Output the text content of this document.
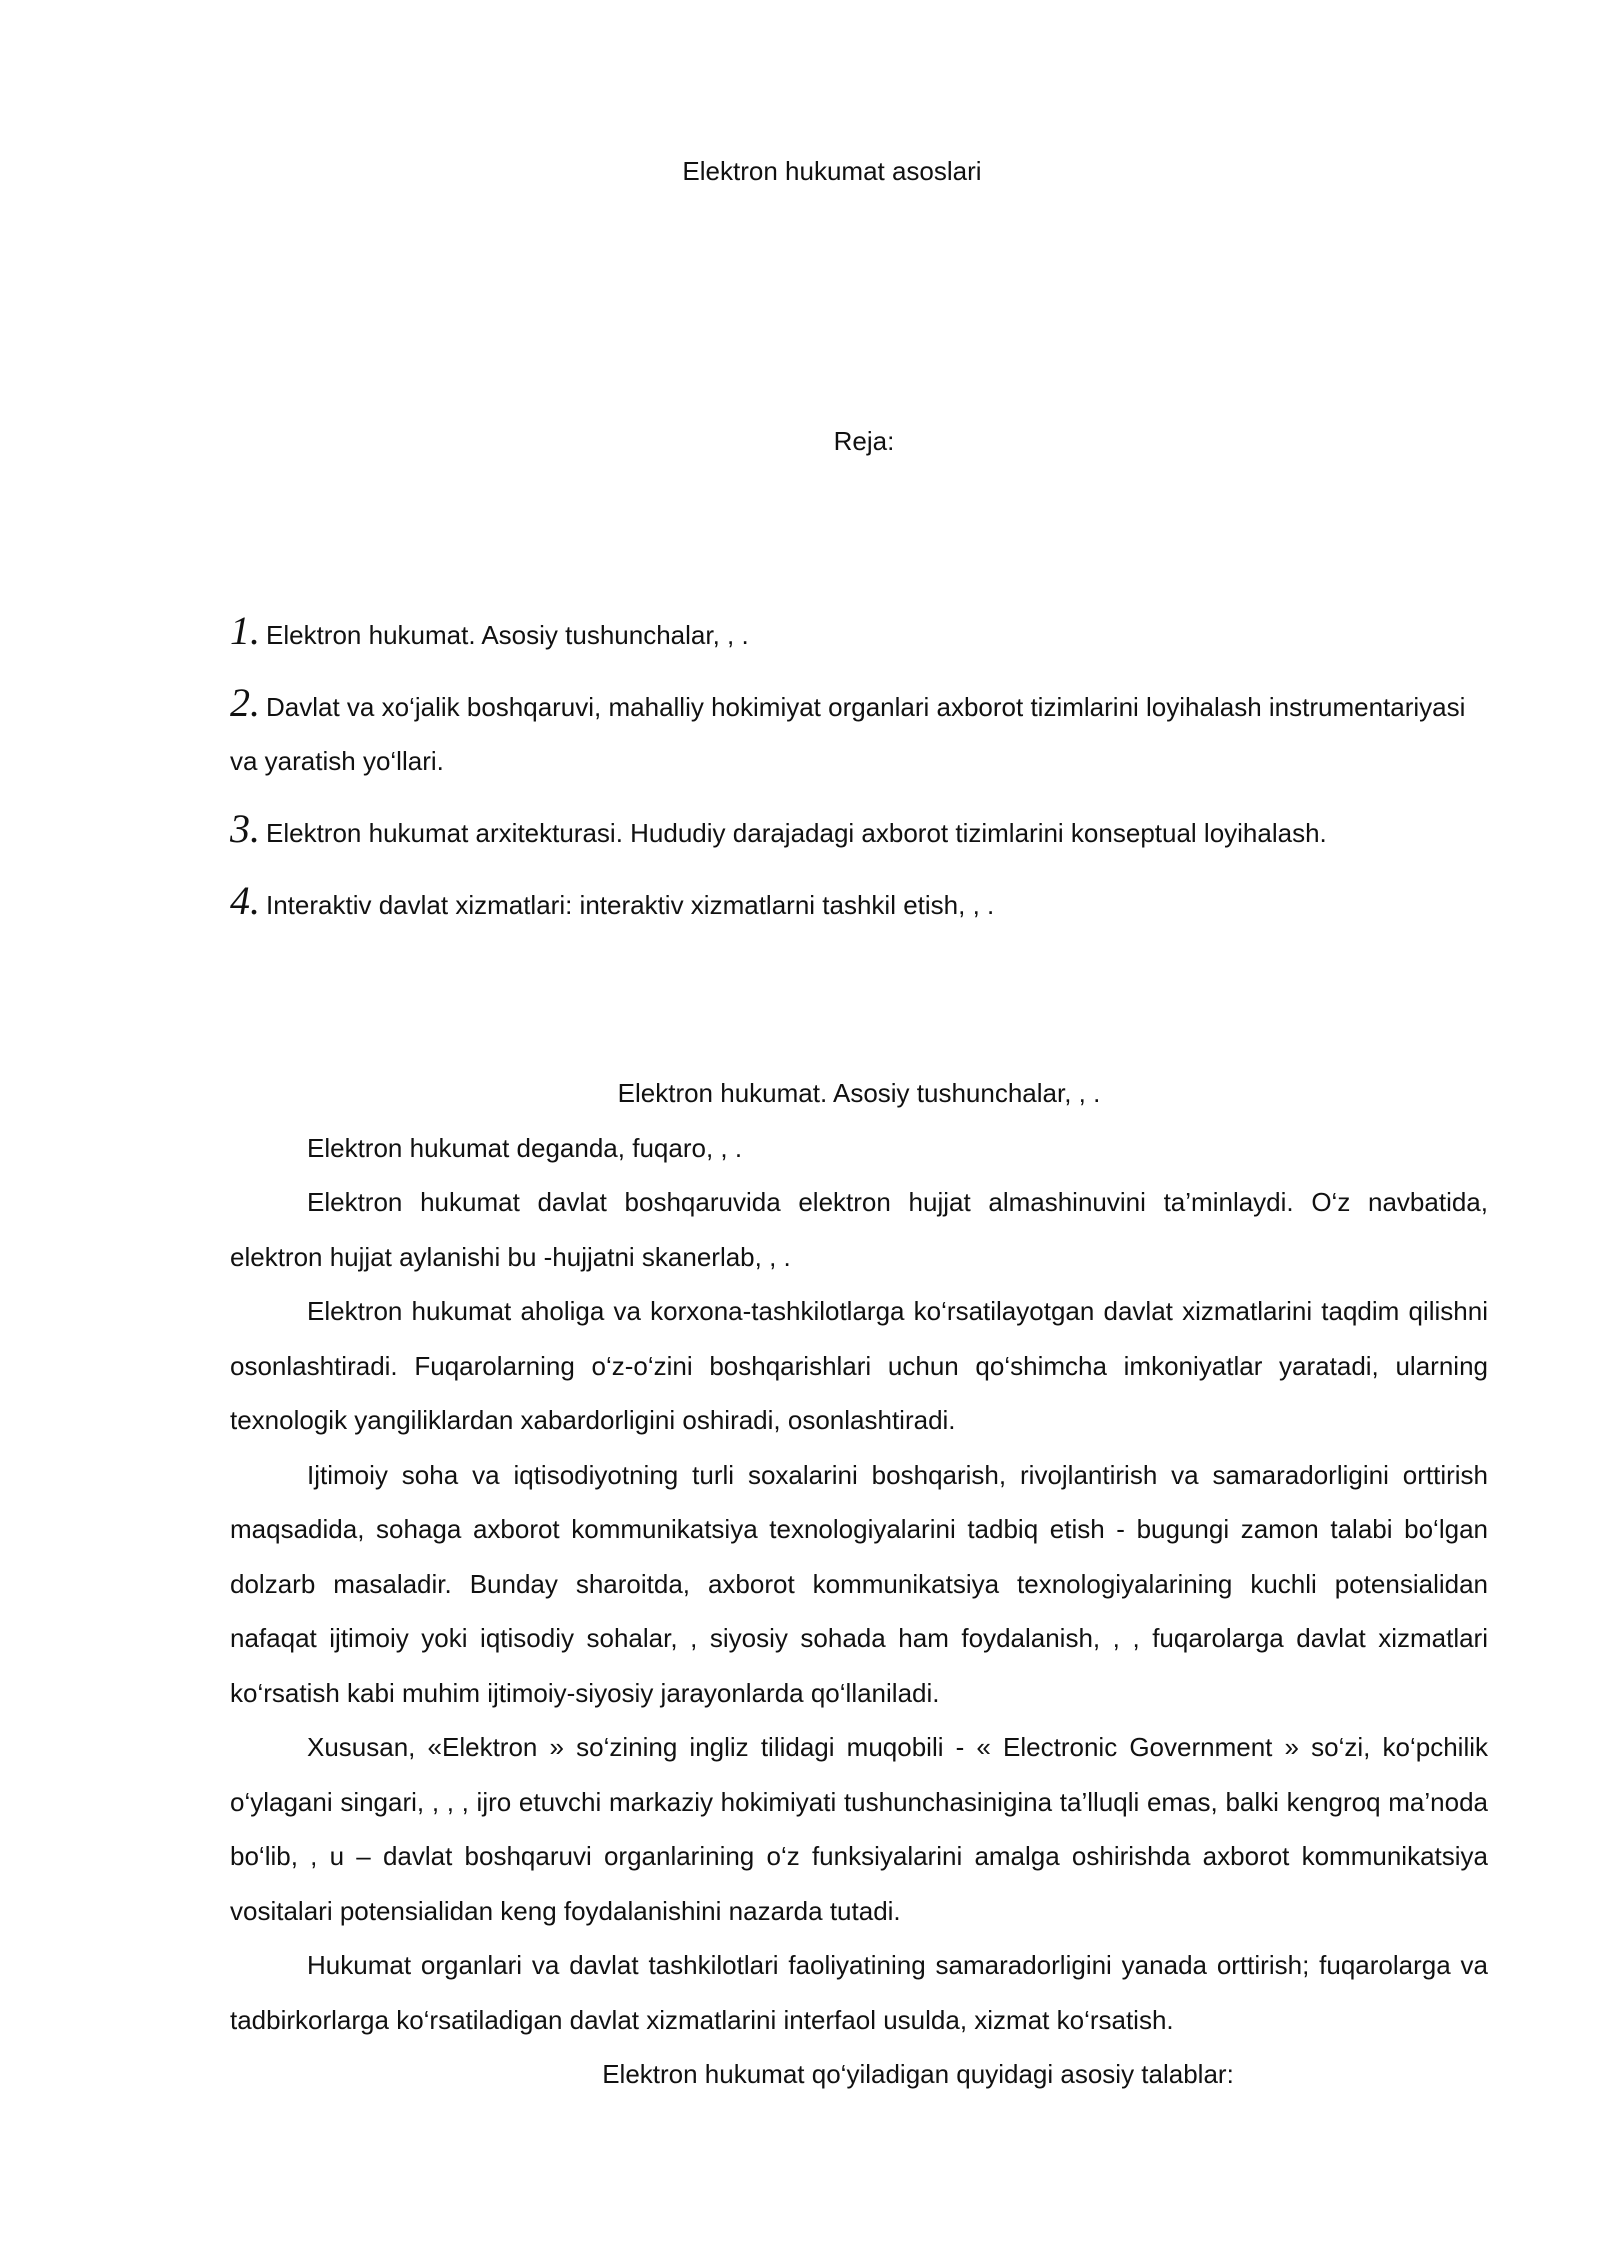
Elektron hukumat asoslari
Reja:
1. Elektron hukumat. Asosiy tushunchalar, , .
2. Davlat va xo‘jalik boshqaruvi, mahalliy hokimiyat organlari axborot tizimlarini loyihalash instrumentariyasi va yaratish yo‘llari.
3. Elektron hukumat arxitekturasi. Hududiy darajadagi axborot tizimlarini konseptual loyihalash.
4. Interaktiv davlat xizmatlari: interaktiv xizmatlarni tashkil etish, , .

Elektron hukumat. Asosiy tushunchalar, , .

Elektron hukumat deganda, fuqaro, , .

Elektron hukumat davlat boshqaruvida elektron hujjat almashinuvini ta’minlaydi. O‘z navbatida, elektron hujjat aylanishi bu -hujjatni skanerlab, , .

Elektron hukumat aholiga va korxona-tashkilotlarga ko‘rsatilayotgan davlat xizmatlarini taqdim qilishni osonlashtiradi. Fuqarolarning o‘z-o‘zini boshqarishlari uchun qo‘shimcha imkoniyatlar yaratadi, ularning texnologik yangiliklardan xabardorligini oshiradi, osonlashtiradi.

Ijtimoiy soha va iqtisodiyotning turli soxalarini boshqarish, rivojlantirish va samaradorligini orttirish maqsadida, sohaga axborot kommunikatsiya texnologiyalarini tadbiq etish - bugungi zamon talabi bo‘lgan dolzarb masaladir. Bunday sharoitda, axborot kommunikatsiya texnologiyalarining kuchli potensialidan nafaqat ijtimoiy yoki iqtisodiy sohalar, , siyosiy sohada ham foydalanish, , , fuqarolarga davlat xizmatlari ko‘rsatish kabi muhim ijtimoiy-siyosiy jarayonlarda qo‘llaniladi.

Xususan, «Elektron » so‘zining ingliz tilidagi muqobili - « Electronic Government » so‘zi, ko‘pchilik o‘ylagani singari, , , , ijro etuvchi markaziy hokimiyati tushunchasinigina ta’lluqli emas, balki kengroq ma’noda bo‘lib, , u – davlat boshqaruvi organlarining o‘z funksiyalarini amalga oshirishda axborot kommunikatsiya vositalari potensialidan keng foydalanishini nazarda tutadi.

Hukumat organlari va davlat tashkilotlari faoliyatining samaradorligini yanada orttirish; fuqarolarga va tadbirkorlarga ko‘rsatiladigan davlat xizmatlarini interfaol usulda, xizmat ko‘rsatish.

Elektron hukumat qo‘yiladigan quyidagi asosiy talablar:
